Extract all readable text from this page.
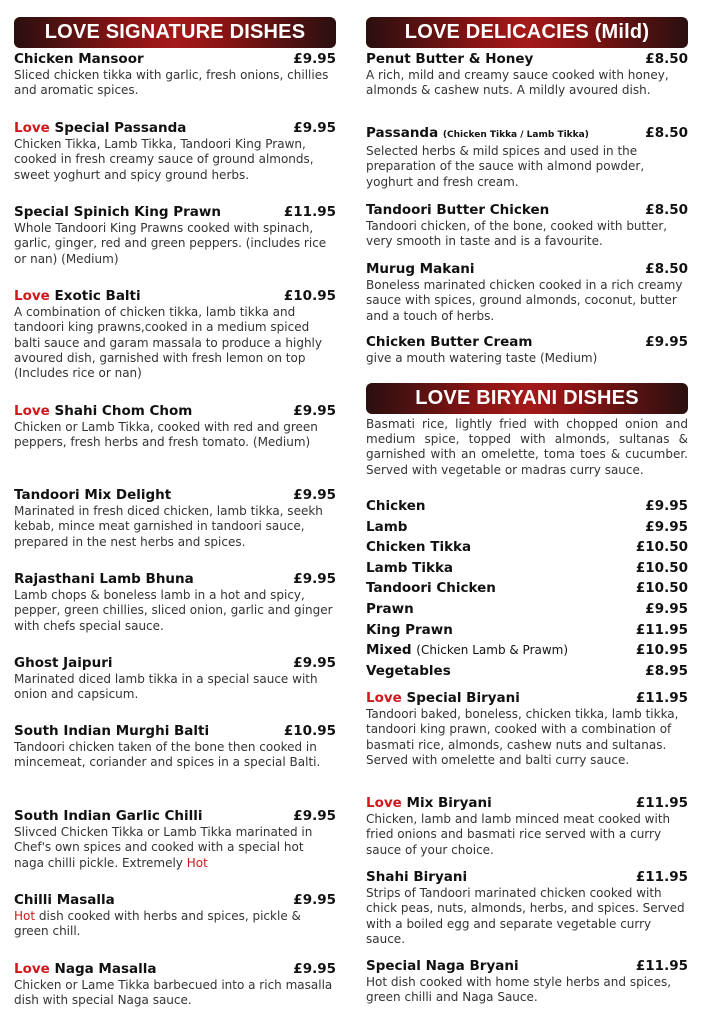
LOVE SIGNATURE DISHES
Chicken Mansoor	£9.95
Sliced chicken tikka with garlic, fresh onions, chillies and aromatic spices.
Love Special Passanda	£9.95
Chicken Tikka, Lamb Tikka, Tandoori King Prawn, cooked in fresh creamy sauce of ground almonds, sweet yoghurt and spicy ground herbs.
Special Spinich King Prawn	£11.95
Whole Tandoori King Prawns cooked with spinach, garlic, ginger, red and green peppers. (includes rice or nan) (Medium)
Love Exotic Balti	£10.95
A combination of chicken tikka, lamb tikka and tandoori king prawns,cooked in a medium spiced balti sauce and garam massala to produce a highly avoured dish, garnished with fresh lemon on top (Includes rice or nan)
Love Shahi Chom Chom	£9.95
Chicken or Lamb Tikka, cooked with red and green peppers, fresh herbs and fresh tomato. (Medium)
Tandoori Mix Delight	£9.95
Marinated in fresh diced chicken, lamb tikka, seekh kebab, mince meat garnished in tandoori sauce, prepared in the nest herbs and spices.
Rajasthani Lamb Bhuna	£9.95
Lamb chops & boneless lamb in a hot and spicy, pepper, green chillies, sliced onion, garlic and ginger with chefs special sauce.
Ghost Jaipuri	£9.95
Marinated diced lamb tikka in a special sauce with onion and capsicum.
South Indian Murghi Balti	£10.95
Tandoori chicken taken of the bone then cooked in mincemeat, coriander and spices in a special Balti.
South Indian Garlic Chilli	£9.95
Slivced Chicken Tikka or Lamb Tikka marinated in Chef's own spices and cooked with a special hot naga chilli pickle. Extremely Hot
Chilli Masalla	£9.95
Hot dish cooked with herbs and spices, pickle & green chill.
Love Naga Masalla	£9.95
Chicken or Lame Tikka barbecued into a rich masalla dish with special Naga sauce.
LOVE DELICACIES (Mild)
Penut Butter & Honey	£8.50
A rich, mild and creamy sauce cooked with honey, almonds & cashew nuts. A mildly avoured dish.
Passanda (Chicken Tikka / Lamb Tikka)	£8.50
Selected herbs & mild spices and used in the preparation of the sauce with almond powder, yoghurt and fresh cream.
Tandoori Butter Chicken	£8.50
Tandoori chicken, of the bone, cooked with butter, very smooth in taste and is a favourite.
Murug Makani	£8.50
Boneless marinated chicken cooked in a rich creamy sauce with spices, ground almonds, coconut, butter and a touch of herbs.
Chicken Butter Cream	£9.95
give a mouth watering taste (Medium)
LOVE BIRYANI DISHES
Basmati rice, lightly fried with chopped onion and medium spice, topped with almonds, sultanas & garnished with an omelette, toma toes & cucumber. Served with vegetable or madras curry sauce.
Chicken	£9.95
Lamb	£9.95
Chicken Tikka	£10.50
Lamb Tikka	£10.50
Tandoori Chicken	£10.50
Prawn	£9.95
King Prawn	£11.95
Mixed (Chicken Lamb & Prawm)	£10.95
Vegetables	£8.95
Love Special Biryani	£11.95
Tandoori baked, boneless, chicken tikka, lamb tikka, tandoori king prawn, cooked with a combination of basmati rice, almonds, cashew nuts and sultanas. Served with omelette and balti curry sauce.
Love Mix Biryani	£11.95
Chicken, lamb and lamb minced meat cooked with fried onions and basmati rice served with a curry sauce of your choice.
Shahi Biryani	£11.95
Strips of Tandoori marinated chicken cooked with chick peas, nuts, almonds, herbs, and spices. Served with a boiled egg and separate vegetable curry sauce.
Special Naga Bryani	£11.95
Hot dish cooked with home style herbs and spices, green chilli and Naga Sauce.
